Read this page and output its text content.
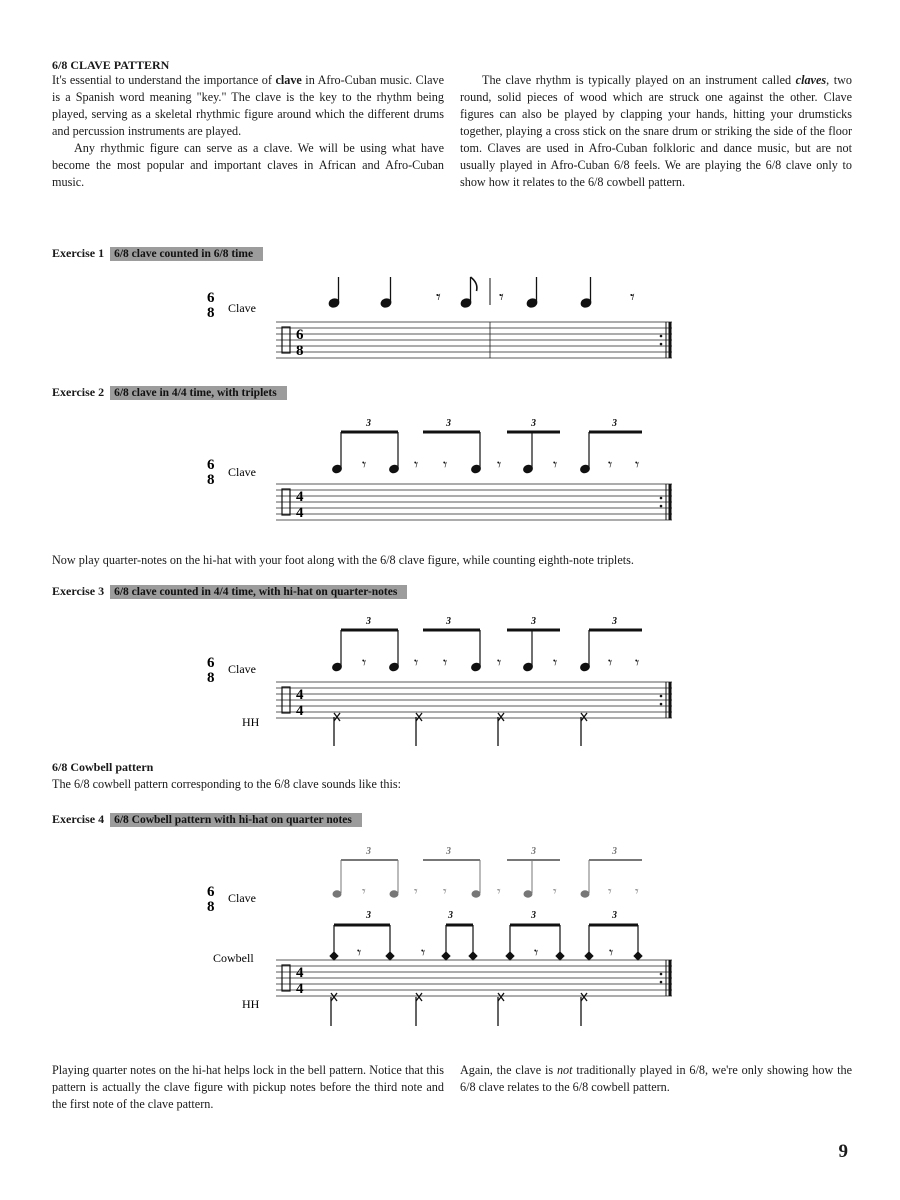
6/8 CLAVE PATTERN

It's essential to understand the importance of clave in Afro-Cuban music. Clave is a Spanish word meaning "key." The clave is the key to the rhythm being played, serving as a skeletal rhythmic figure around which the different drums and percussion instruments are played.

Any rhythmic figure can serve as a clave. We will be using what have become the most popular and important claves in African and Afro-Cuban music.

The clave rhythm is typically played on an instrument called claves, two round, solid pieces of wood which are struck one against the other. Clave figures can also be played by clapping your hands, hitting your drumsticks together, playing a cross stick on the snare drum or striking the side of the floor tom. Claves are used in Afro-Cuban folkloric and dance music, but are not usually played in Afro-Cuban 6/8 feels. We are playing the 6/8 clave only to show how it relates to the 6/8 cowbell pattern.

Exercise 1 6/8 clave counted in 6/8 time
6
8 Clave
𝄾	𝄾	𝄾
6
8
Exercise 2 6/8 clave in 4/4 time, with triplets
6
8 Clave
3
𝄾
3
𝄾 𝄾
3
𝄾	𝄾
3
𝄾 𝄾
4
4
Now play quarter-notes on the hi-hat with your foot along with the 6/8 clave figure, while counting eighth-note triplets.
Exercise 3 6/8 clave counted in 4/4 time, with hi-hat on quarter-notes
6
8
Clave
3
𝄾
3
𝄾 𝄾
3
𝄾	𝄾
3
𝄾 𝄾
4
4
HH
6/8 Cowbell pattern
The 6/8 cowbell pattern corresponding to the 6/8 clave sounds like this:
Exercise 4 6/8 Cowbell pattern with hi-hat on quarter notes
6
8
Clave
3
𝄾
3
𝄾 𝄾
3
𝄾	𝄾
3
𝄾 𝄾
Cowbell
3
𝄾
3
𝄾
3
𝄾
3
𝄾
4
4
HH

Playing quarter notes on the hi-hat helps lock in the bell pattern. Notice that this pattern is actually the clave figure with pickup notes before the third note and the first note of the clave pattern.

Again, the clave is not traditionally played in 6/8, we're only showing how the 6/8 clave relates to the 6/8 cowbell pattern.

9
